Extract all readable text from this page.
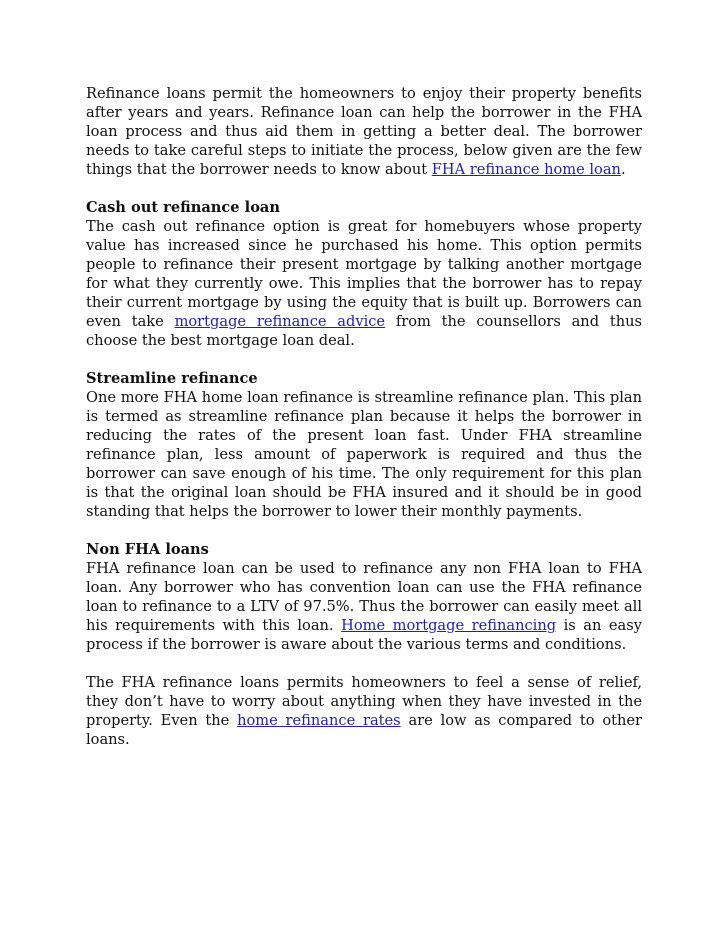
Refinance loans permit the homeowners to enjoy their property benefits after years and years. Refinance loan can help the borrower in the FHA loan process and thus aid them in getting a better deal. The borrower needs to take careful steps to initiate the process, below given are the few things that the borrower needs to know about FHA refinance home loan.

Cash out refinance loan

The cash out refinance option is great for homebuyers whose property value has increased since he purchased his home. This option permits people to refinance their present mortgage by talking another mortgage for what they currently owe. This implies that the borrower has to repay their current mortgage by using the equity that is built up. Borrowers can even take mortgage refinance advice from the counsellors and thus choose the best mortgage loan deal.

Streamline refinance

One more FHA home loan refinance is streamline refinance plan. This plan is termed as streamline refinance plan because it helps the borrower in reducing the rates of the present loan fast. Under FHA streamline refinance plan, less amount of paperwork is required and thus the borrower can save enough of his time. The only requirement for this plan is that the original loan should be FHA insured and it should be in good standing that helps the borrower to lower their monthly payments.

Non FHA loans

FHA refinance loan can be used to refinance any non FHA loan to FHA loan. Any borrower who has convention loan can use the FHA refinance loan to refinance to a LTV of 97.5%. Thus the borrower can easily meet all his requirements with this loan. Home mortgage refinancing is an easy process if the borrower is aware about the various terms and conditions.

The FHA refinance loans permits homeowners to feel a sense of relief, they don’t have to worry about anything when they have invested in the property. Even the home refinance rates are low as compared to other loans.
